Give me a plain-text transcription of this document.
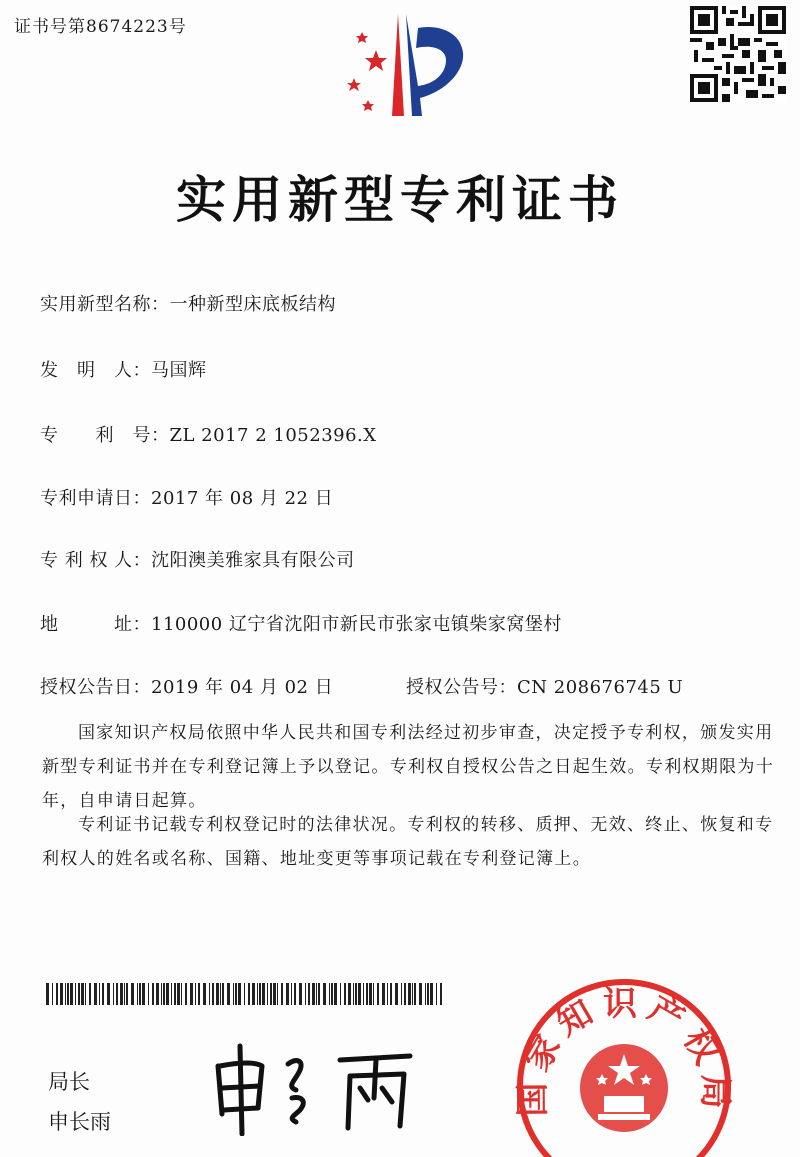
证书号第8674223号
实用新型专利证书
实用新型名称：一种新型床底板结构
发　明　人：马国辉
专　　利　号：ZL 2017 2 1052396.X
专利申请日：2017 年 08 月 22 日
专 利 权 人：沈阳澳美雅家具有限公司
地　　　址：110000 辽宁省沈阳市新民市张家屯镇柴家窝堡村
授权公告日：2019 年 04 月 02 日	授权公告号：CN 208676745 U

国家知识产权局依照中华人民共和国专利法经过初步审查，决定授予专利权，颁发实用新型专利证书并在专利登记簿上予以登记。专利权自授权公告之日起生效。专利权期限为十年，自申请日起算。

专利证书记载专利权登记时的法律状况。专利权的转移、质押、无效、终止、恢复和专利权人的姓名或名称、国籍、地址变更等事项记载在专利登记簿上。

局长
申长雨
国家知识产权局
